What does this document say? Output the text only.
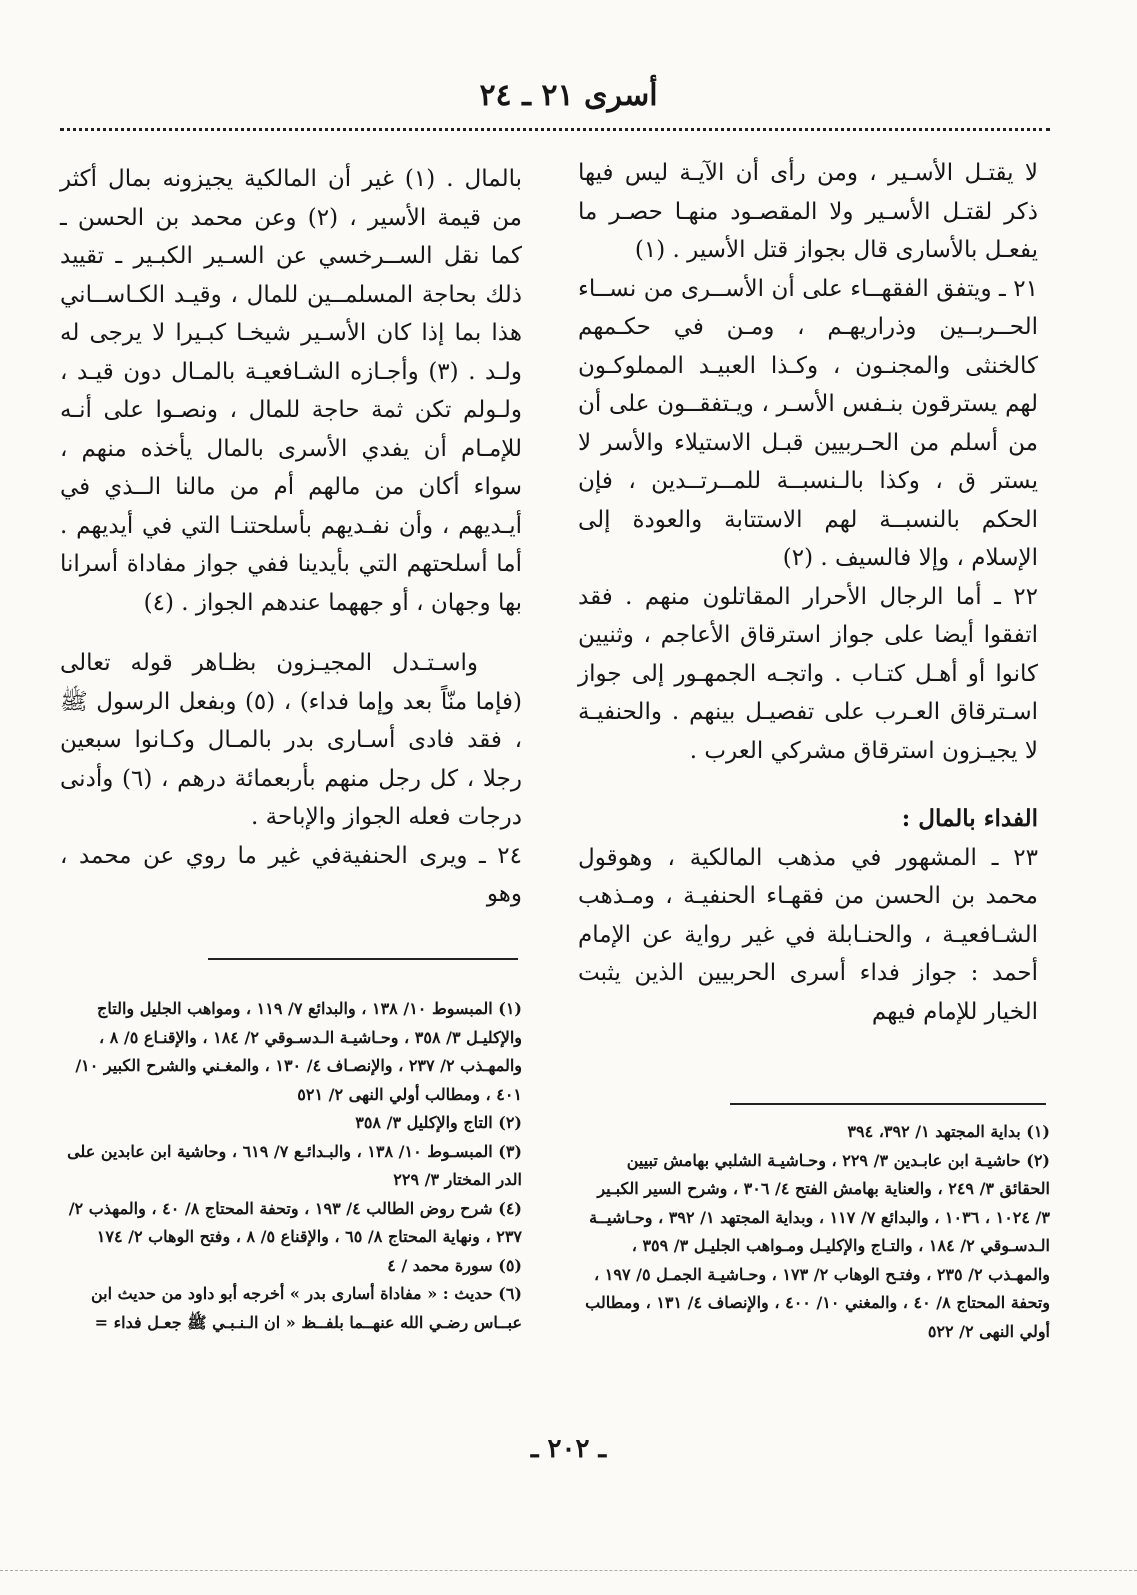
أسرى ٢١ ـ ٢٤

لا يقتـل الأسـير ، ومن رأى أن الآيـة ليس فيها ذكر لقتـل الأسـير ولا المقصـود منهـا حصـر ما يفعـل بالأسارى قال بجواز قتل الأسير . (١)

٢١ ـ ويتفق الفقهــاء على أن الأســرى من نســاء الحــربــين وذراريهـم ، ومـن في حكـمهم كالخنثى والمجنـون ، وكـذا العبيـد المملوكـون لهم يسترقون بنـفس الأسـر ، ويـتفقــون على أن من أسلم من الحـربيين قبـل الاستيلاء والأسر لا يستر ق ، وكذا بالـنسبــة للمــرتــدين ، فإن الحكم بالنسبــة لهم الاستتابة والعودة إلى الإسلام ، وإلا فالسيف . (٢)

٢٢ ـ أما الرجال الأحرار المقاتلون منهم . فقد اتفقوا أيضا على جواز استرقاق الأعاجم ، وثنيين كانوا أو أهـل كتـاب . واتجـه الجمهـور إلى جواز اسـترقاق العـرب على تفصيـل بينهم . والحنفيـة لا يجيـزون استرقاق مشركي العرب .

الفداء بالمال :

٢٣ ـ المشهور في مذهب المالكية ، وهوقول محمد بن الحسن من فقهـاء الحنفيـة ، ومـذهب الشـافعيـة ، والحنـابلة في غير رواية عن الإمام أحمد : جواز فداء أسرى الحربيين الذين يثبت الخيار للإمام فيهم

بالمال . (١) غير أن المالكية يجيزونه بمال أكثر من قيمة الأسير ، (٢) وعن محمد بن الحسن ـ كما نقل الســرخسي عن السـير الكبـير ـ تقييد ذلك بحاجة المسلمــين للمال ، وقيـد الكـاســاني هذا بما إذا كان الأسـير شيخـا كبـيرا لا يرجى له ولـد . (٣) وأجـازه الشـافعيـة بالمـال دون قيـد ، ولـولم تكن ثمة حاجة للمال ، ونصـوا على أنـه للإمـام أن يفدي الأسرى بالمال يأخذه منهم ، سواء أكان من مالهم أم من مالنا الــذي في أيـديهم ، وأن نفـديهم بأسلحتنـا التي في أيديهم . أما أسلحتهم التي بأيدينا ففي جواز مفاداة أسرانا بها وجهان ، أو جههما عندهم الجواز . (٤)

واسـتـدل المجيـزون بظـاهر قوله تعالى (فإما منّاً بعد وإما فداء) ، (٥) وبفعل الرسول ﷺ ، فقد فادى أسـارى بدر بالمـال وكـانوا سبعين رجلا ، كل رجل منهم بأربعمائة درهم ، (٦) وأدنى درجات فعله الجواز والإباحة .

٢٤ ـ ويرى الحنفيةفي غير ما روي عن محمد ، وهو

(١) بداية المجتهد ١/ ٣٩٢، ٣٩٤
(٢) حاشيـة ابن عابـدين ٣/ ٢٢٩ ، وحـاشيـة الشلبي بهامش تبيين الحقائق ٣/ ٢٤٩ ، والعناية بهامش الفتح ٤/ ٣٠٦ ، وشرح السير الكبـير ٣/ ١٠٢٤ ، ١٠٣٦ ، والبدائع ٧/ ١١٧ ، وبداية المجتهد ١/ ٣٩٢ ، وحـاشيــة الـدسـوقي ٢/ ١٨٤ ، والتـاج والإكليـل ومـواهب الجليـل ٣/ ٣٥٩ ، والمهـذب ٢/ ٢٣٥ ، وفتـح الوهاب ٢/ ١٧٣ ، وحـاشيـة الجمـل ٥/ ١٩٧ ، وتحفة المحتاج ٨/ ٤٠ ، والمغني ١٠/ ٤٠٠ ، والإنصاف ٤/ ١٣١ ، ومطالب أولي النهى ٢/ ٥٢٢
(١) المبسوط ١٠/ ١٣٨ ، والبدائع ٧/ ١١٩ ، ومواهب الجليل والتاج والإكليـل ٣/ ٣٥٨ ، وحـاشيـة الـدسـوقي ٢/ ١٨٤ ، والإقنـاع ٥/ ٨ ، والمهـذب ٢/ ٢٣٧ ، والإنصـاف ٤/ ١٣٠ ، والمغـني والشرح الكبير ١٠/ ٤٠١ ، ومطالب أولي النهى ٢/ ٥٢١
(٢) التاج والإكليل ٣/ ٣٥٨
(٣) المبسـوط ١٠/ ١٣٨ ، والبـدائـع ٧/ ٦١٩ ، وحاشية ابن عابدين على الدر المختار ٣/ ٢٢٩
(٤) شرح روض الطالب ٤/ ١٩٣ ، وتحفة المحتاج ٨/ ٤٠ ، والمهذب ٢/ ٢٣٧ ، ونهاية المحتاج ٨/ ٦٥ ، والإقناع ٥/ ٨ ، وفتح الوهاب ٢/ ١٧٤
(٥) سورة محمد / ٤
(٦) حديث : « مفاداة أسارى بدر » أخرجه أبو داود من حديث ابن عبــاس رضـي الله عنهــما بلفــظ « ان الـنـبـي ﷺ جعـل فداء =
ـ ٢٠٢ ـ
